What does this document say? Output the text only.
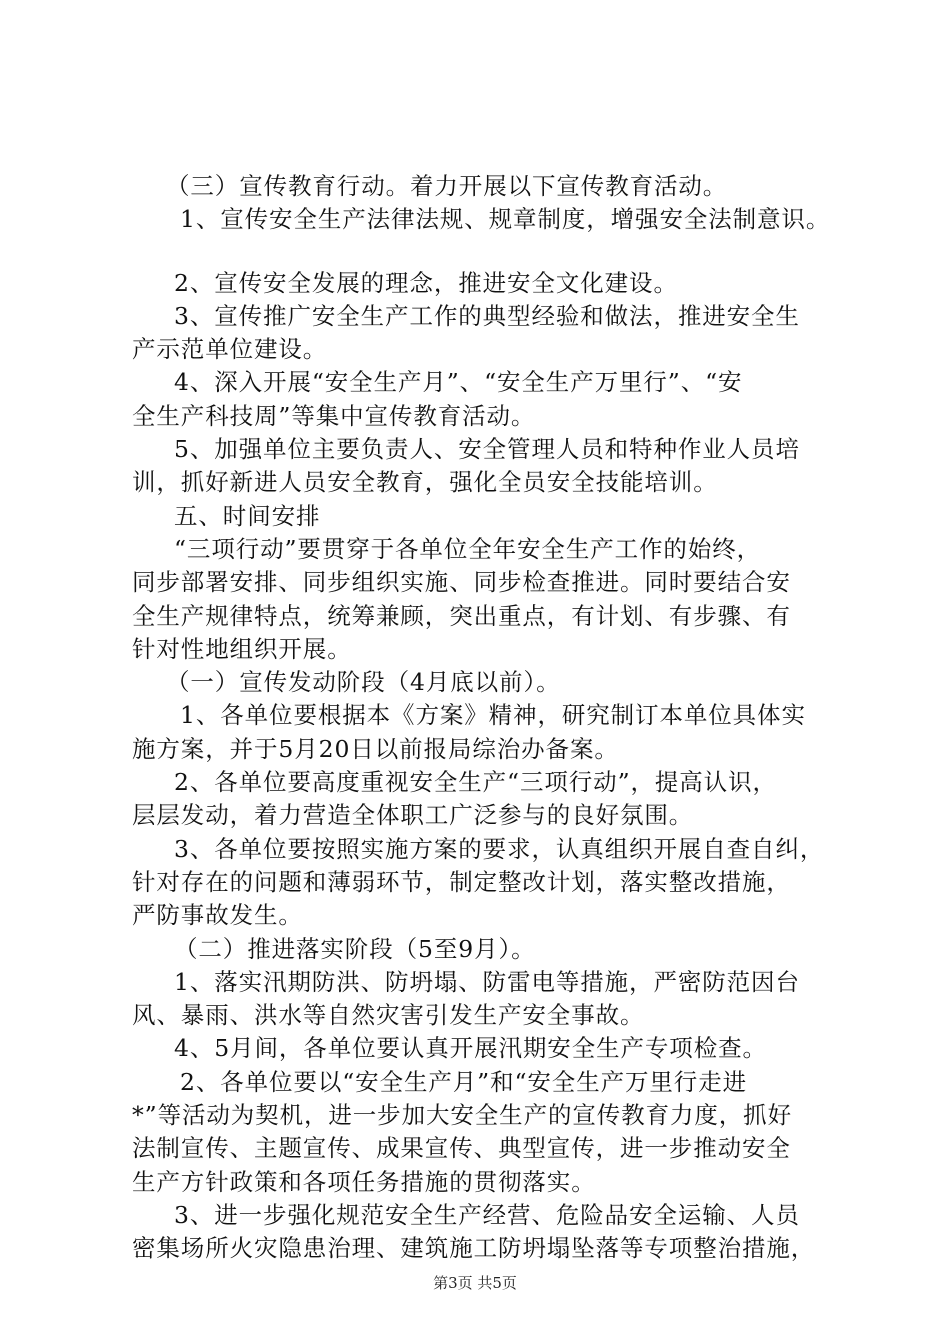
（三）宣传教育行动。着力开展以下宣传教育活动。
1、宣传安全生产法律法规、规章制度，增强安全法制意识。
2、宣传安全发展的理念，推进安全文化建设。
3、宣传推广安全生产工作的典型经验和做法，推进安全生
产示范单位建设。
4、深入开展“安全生产月”、“安全生产万里行”、“安
全生产科技周”等集中宣传教育活动。
5、加强单位主要负责人、安全管理人员和特种作业人员培
训，抓好新进人员安全教育，强化全员安全技能培训。
五、时间安排
“三项行动”要贯穿于各单位全年安全生产工作的始终，
同步部署安排、同步组织实施、同步检查推进。同时要结合安
全生产规律特点，统筹兼顾，突出重点，有计划、有步骤、有
针对性地组织开展。
（一）宣传发动阶段（4月底以前）。
1、各单位要根据本《方案》精神，研究制订本单位具体实
施方案，并于5月20日以前报局综治办备案。
2、各单位要高度重视安全生产“三项行动”，提高认识，
层层发动，着力营造全体职工广泛参与的良好氛围。
3、各单位要按照实施方案的要求，认真组织开展自查自纠，
针对存在的问题和薄弱环节，制定整改计划，落实整改措施，
严防事故发生。
（二）推进落实阶段（5至9月）。
1、落实汛期防洪、防坍塌、防雷电等措施，严密防范因台
风、暴雨、洪水等自然灾害引发生产安全事故。
4、5月间，各单位要认真开展汛期安全生产专项检查。
2、各单位要以“安全生产月”和“安全生产万里行走进
*”等活动为契机，进一步加大安全生产的宣传教育力度，抓好
法制宣传、主题宣传、成果宣传、典型宣传，进一步推动安全
生产方针政策和各项任务措施的贯彻落实。
3、进一步强化规范安全生产经营、危险品安全运输、人员
密集场所火灾隐患治理、建筑施工防坍塌坠落等专项整治措施，
第3页 共5页
